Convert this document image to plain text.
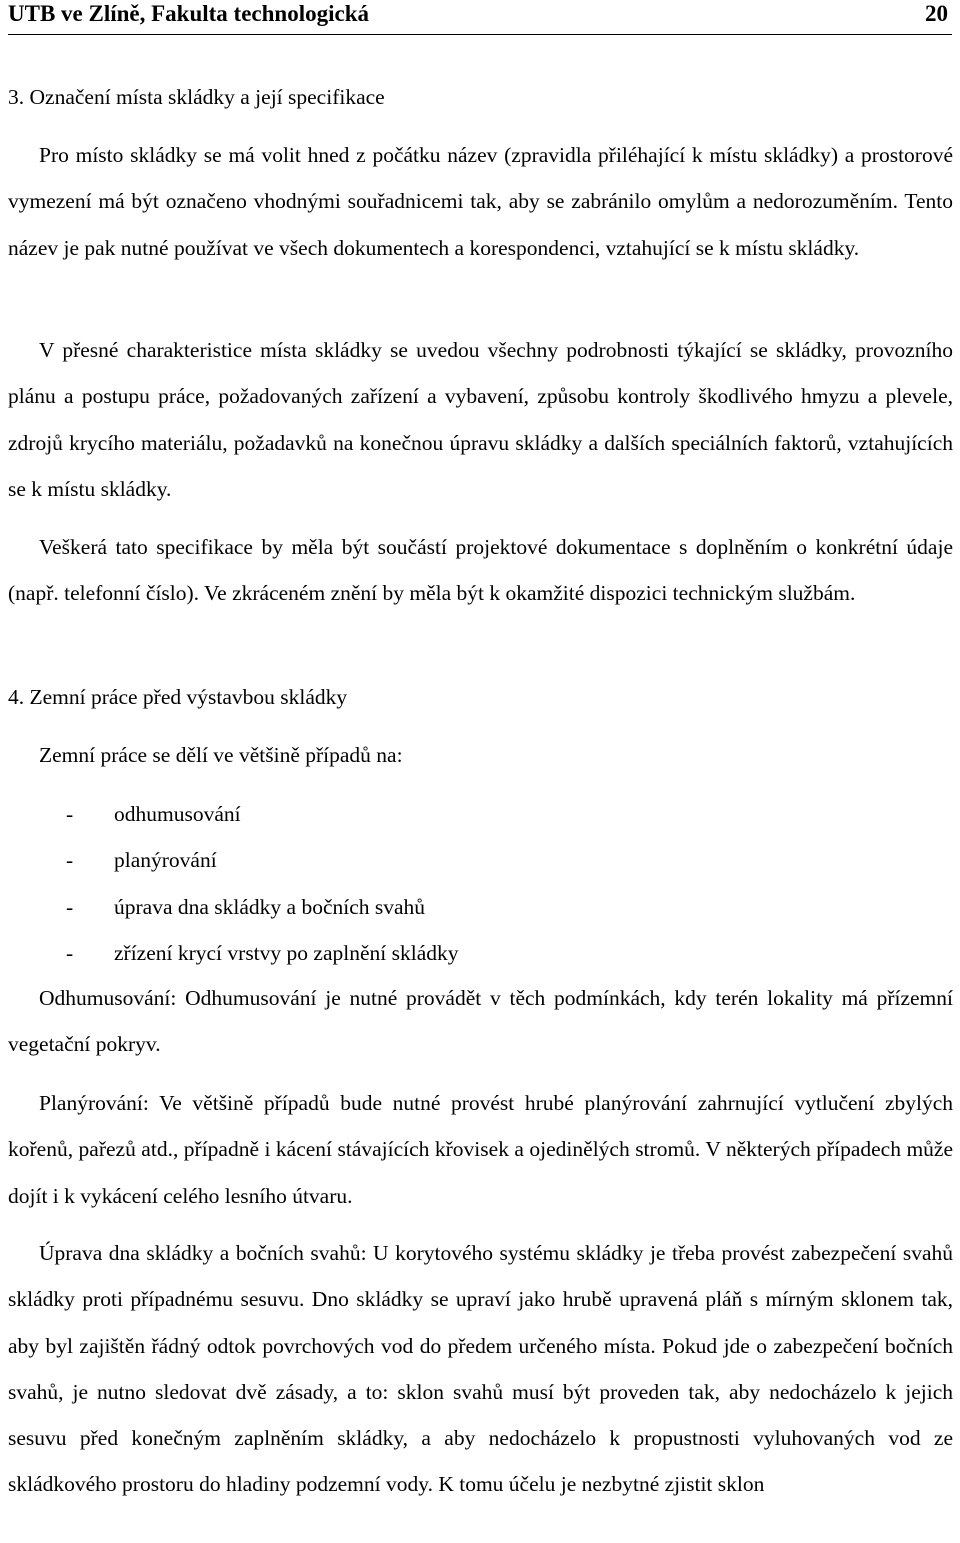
UTB ve Zlíně, Fakulta technologická	20
3. Označení místa skládky a její specifikace

Pro místo skládky se má volit hned z počátku název (zpravidla přiléhající k místu skládky) a prostorové vymezení má být označeno vhodnými souřadnicemi tak, aby se zabránilo omylům a nedorozuměním. Tento název je pak nutné používat ve všech dokumentech a korespondenci, vztahující se k místu skládky.

V přesné charakteristice místa skládky se uvedou všechny podrobnosti týkající se skládky, provozního plánu a postupu práce, požadovaných zařízení a vybavení, způsobu kontroly škodlivého hmyzu a plevele, zdrojů krycího materiálu, požadavků na konečnou úpravu skládky a dalších speciálních faktorů, vztahujících se k místu skládky.

Veškerá tato specifikace by měla být součástí projektové dokumentace s doplněním o konkrétní údaje (např. telefonní číslo). Ve zkráceném znění by měla být k okamžité dispozici technickým službám.

4. Zemní práce před výstavbou skládky

Zemní práce se dělí ve většině případů na:

- odhumusování
- planýrování
- úprava dna skládky a bočních svahů
- zřízení krycí vrstvy po zaplnění skládky

Odhumusování: Odhumusování je nutné provádět v těch podmínkách, kdy terén lokality má přízemní vegetační pokryv.

Planýrování: Ve většině případů bude nutné provést hrubé planýrování zahrnující vytlučení zbylých kořenů, pařezů atd., případně i kácení stávajících křovisek a ojedinělých stromů. V některých případech může dojít i k vykácení celého lesního útvaru.

Úprava dna skládky a bočních svahů: U korytového systému skládky je třeba provést zabezpečení svahů skládky proti případnému sesuvu. Dno skládky se upraví jako hrubě upravená pláň s mírným sklonem tak, aby byl zajištěn řádný odtok povrchových vod do předem určeného místa. Pokud jde o zabezpečení bočních svahů, je nutno sledovat dvě zásady, a to: sklon svahů musí být proveden tak, aby nedocházelo k jejich sesuvu před konečným zaplněním skládky, a aby nedocházelo k propustnosti vyluhovaných vod ze skládkového prostoru do hladiny podzemní vody. K tomu účelu je nezbytné zjistit sklon
